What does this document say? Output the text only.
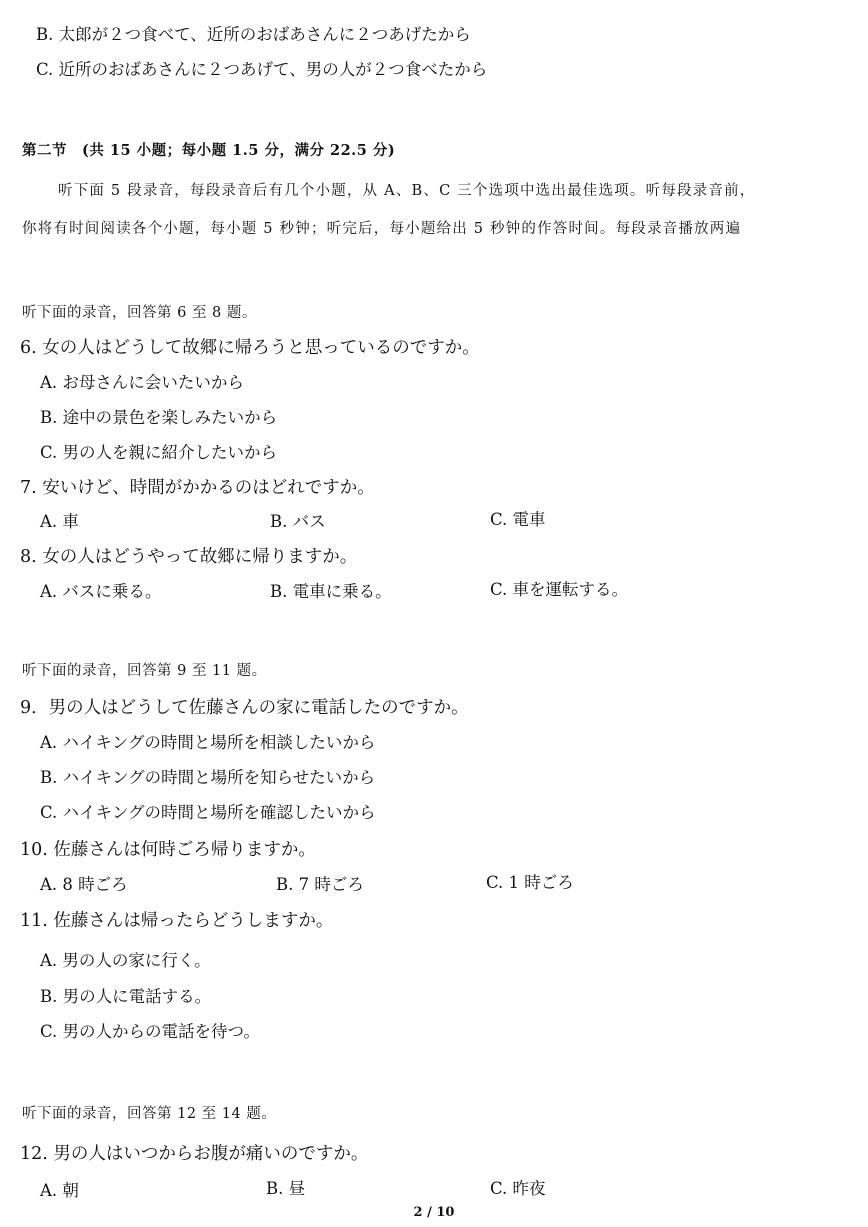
B. 太郎が２つ食べて、近所のおばあさんに２つあげたから
C. 近所のおばあさんに２つあげて、男の人が２つ食べたから
第二节　(共 15 小题；每小题 1.5 分，满分 22.5 分)
听下面 5 段录音，每段录音后有几个小题，从 A、B、C 三个选项中选出最佳选项。听每段录音前，
你将有时间阅读各个小题，每小题 5 秒钟；听完后，每小题给出 5 秒钟的作答时间。每段录音播放两遍
听下面的录音，回答第 6 至 8 题。
6. 女の人はどうして故郷に帰ろうと思っているのですか。
A. お母さんに会いたいから
B. 途中の景色を楽しみたいから
C. 男の人を親に紹介したいから
7. 安いけど、時間がかかるのはどれですか。
A. 車	B. バス	C. 電車
8. 女の人はどうやって故郷に帰りますか。
A. バスに乗る。	B. 電車に乗る。	C. 車を運転する。
听下面的录音，回答第 9 至 11 题。
9．男の人はどうして佐藤さんの家に電話したのですか。
A. ハイキングの時間と場所を相談したいから
B. ハイキングの時間と場所を知らせたいから
C. ハイキングの時間と場所を確認したいから
10. 佐藤さんは何時ごろ帰りますか。
A. 8 時ごろ	B. 7 時ごろ	C. 1 時ごろ
11. 佐藤さんは帰ったらどうしますか。
A. 男の人の家に行く。
B. 男の人に電話する。
C. 男の人からの電話を待つ。
听下面的录音，回答第 12 至 14 题。
12. 男の人はいつからお腹が痛いのですか。
A. 朝	B. 昼	C. 昨夜
2 / 10
